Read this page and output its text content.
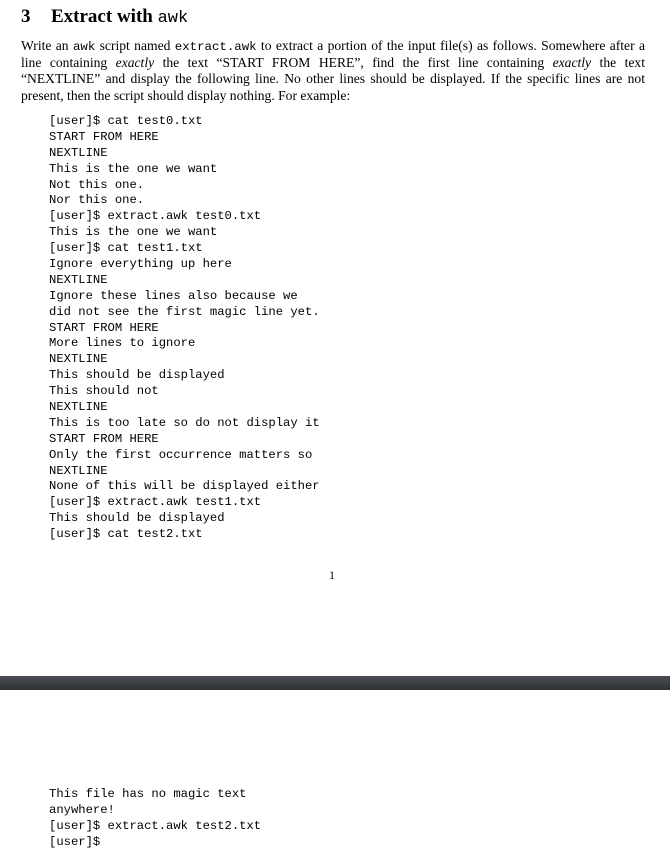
3 Extract with awk

Write an awk script named extract.awk to extract a portion of the input file(s) as follows. Somewhere after a line containing exactly the text “START FROM HERE”, find the first line containing exactly the text “NEXTLINE” and display the following line. No other lines should be displayed. If the specific lines are not present, then the script should display nothing. For example:

[user]$ cat test0.txt
START FROM HERE
NEXTLINE
This is the one we want
Not this one.
Nor this one.
[user]$ extract.awk test0.txt
This is the one we want
[user]$ cat test1.txt
Ignore everything up here
NEXTLINE
Ignore these lines also because we
did not see the first magic line yet.
START FROM HERE
More lines to ignore
NEXTLINE
This should be displayed
This should not
NEXTLINE
This is too late so do not display it
START FROM HERE
Only the first occurrence matters so
NEXTLINE
None of this will be displayed either
[user]$ extract.awk test1.txt
This should be displayed
[user]$ cat test2.txt
1
This file has no magic text
anywhere!
[user]$ extract.awk test2.txt
[user]$
